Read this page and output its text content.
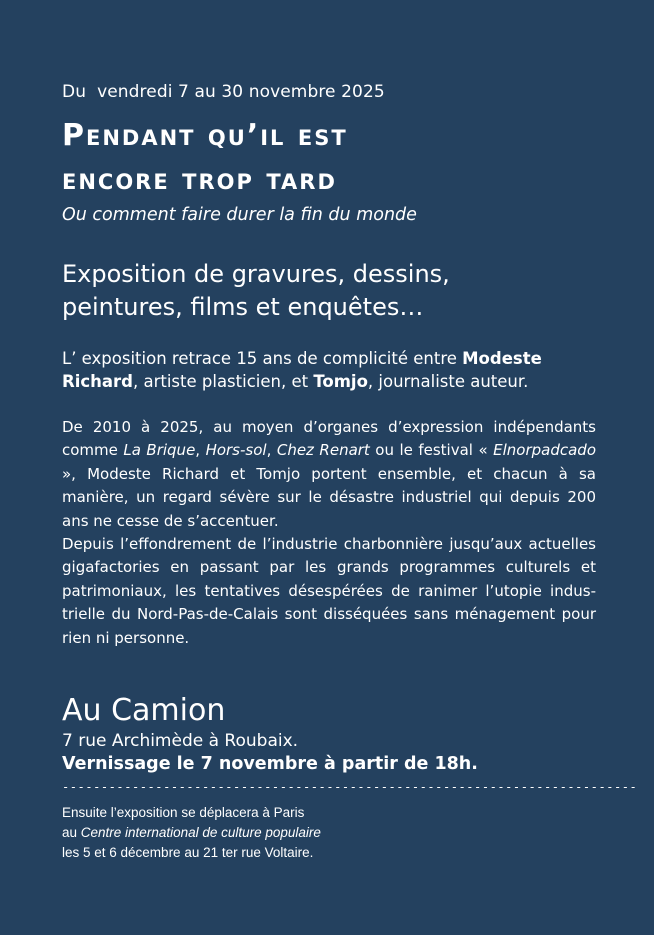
Du  vendredi 7 au 30 novembre 2025
Pendant qu’il est
encore trop tard
Ou comment faire durer la fin du monde
Exposition de gravures, dessins,
peintures, films et enquêtes…
L’ exposition retrace 15 ans de complicité entre Modeste Richard, artiste plasticien, et Tomjo, journaliste auteur.

De 2010 à 2025, au moyen d’organes d’expression indépendants comme La Brique, Hors-sol, Chez Renart ou le festival « Elnorpadcado », Modeste Richard et Tomjo portent ensemble, et chacun à sa manière, un regard sévère sur le désastre industriel qui depuis 200 ans ne cesse de s’accentuer.

Depuis l’effondrement de l’industrie charbonnière jusqu’aux actuelles gigafactories en passant par les grands programmes culturels et patrimoniaux, les tentatives désespérées de ranimer l’utopie industrielle du Nord-Pas-de-Calais sont disséquées sans ménagement pour rien ni personne.

Au Camion
7 rue Archimède à Roubaix.
Vernissage le 7 novembre à partir de 18h.
--------------------------------------------------------------------------
Ensuite l’exposition se déplacera à Paris
au Centre international de culture populaire
les 5 et 6 décembre au 21 ter rue Voltaire.
